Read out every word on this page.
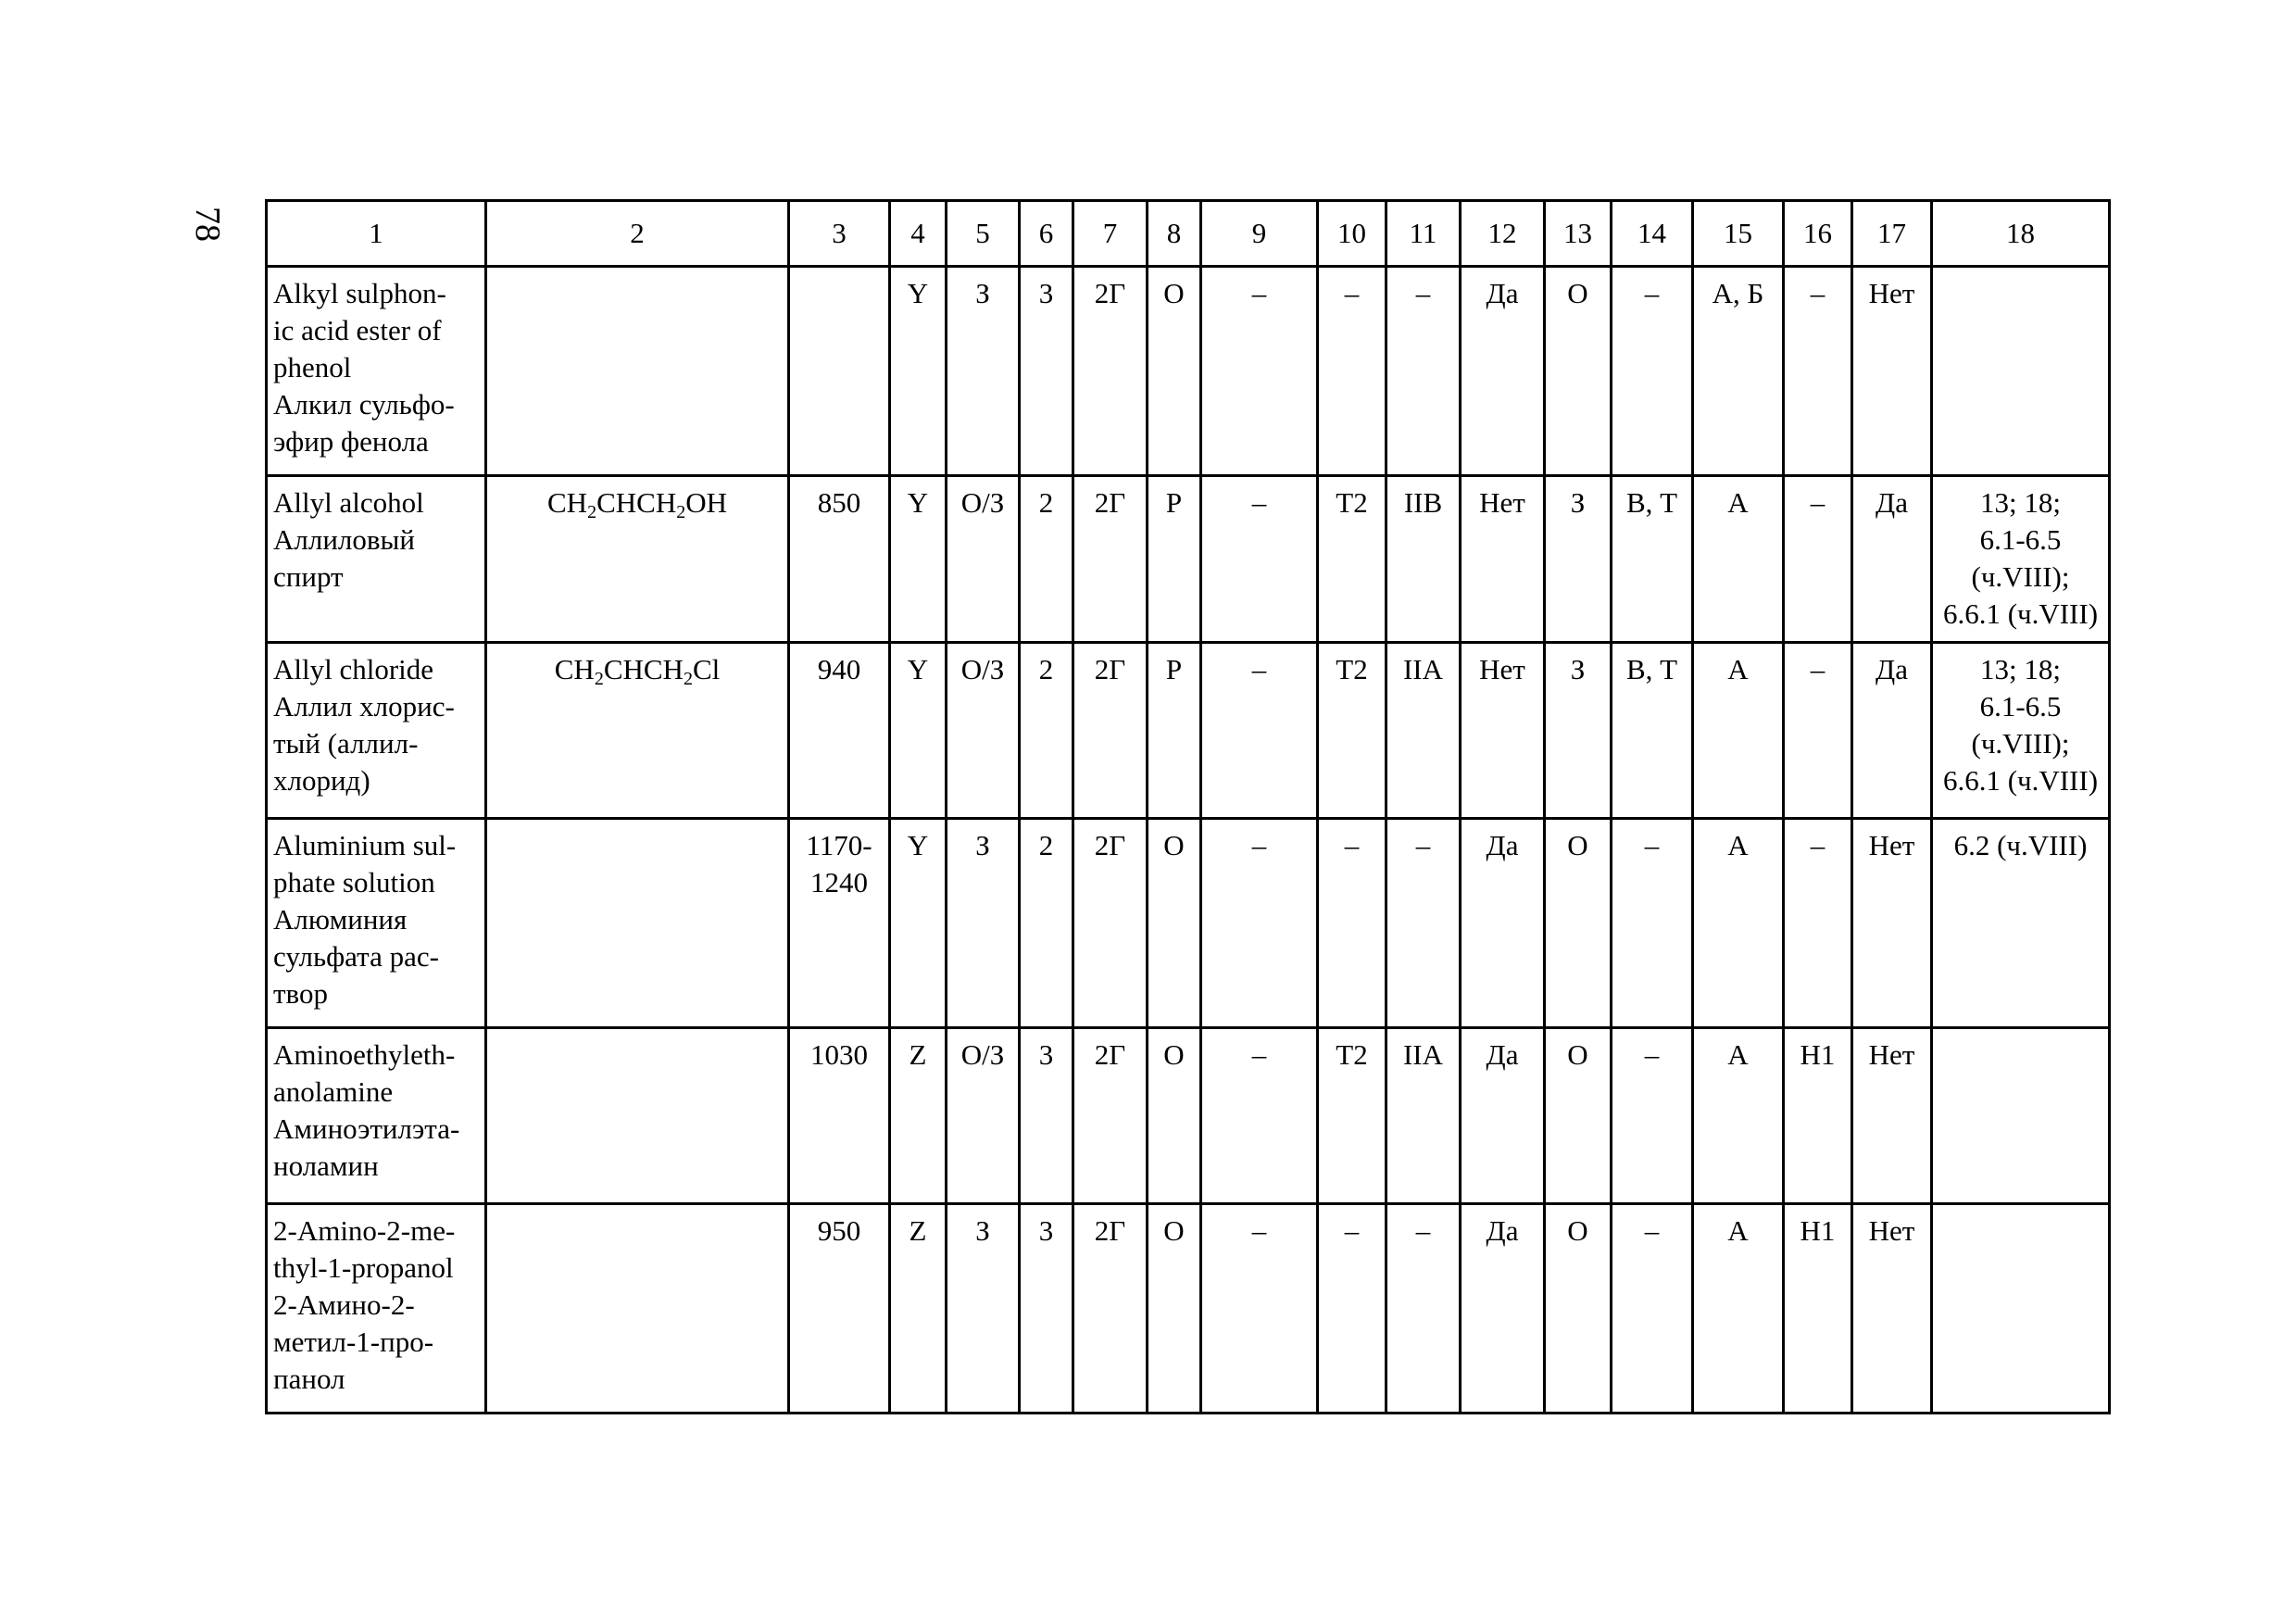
78	1	2	3	4	5	6	7	8	9	10	11	12	13	14	15	16	17	18

Alkyl sulphon-
ic acid ester of
phenol
Алкил сульфо-
эфир фенола			Y	З	3	2Г	О	–	–	–	Да	О	–	А, Б	–	Нет	

Allyl alcohol
Аллиловый
спирт	$CH_2CHCH_2OH$	850	Y	О/З	2	2Г	Р	–	Т2	IIB	Нет	З	В, Т	А	–	Да	13; 18;
6.1-6.5
(ч.VIII);
6.6.1 (ч.VIII)

Allyl chloride
Аллил хлорис-
тый (аллил-
хлорид)	$CH_2CHCH_2Cl$	940	Y	О/З	2	2Г	Р	–	Т2	IIA	Нет	З	В, Т	А	–	Да	13; 18;
6.1-6.5
(ч.VIII);
6.6.1 (ч.VIII)

Aluminium sul-
phate solution
Алюминия
сульфата рас-
твор		1170-
1240	Y	З	2	2Г	О	–	–	–	Да	О	–	А	–	Нет	6.2 (ч.VIII)

Aminoethyleth-
anolamine
Аминоэтилэта-
ноламин		1030	Z	О/З	3	2Г	О	–	Т2	IIA	Да	О	–	А	Н1	Нет	

2-Amino-2-me-
thyl-1-propanol
2-Амино-2-
метил-1-про-
панол		950	Z	З	3	2Г	О	–	–	–	Да	О	–	А	Н1	Нет	
